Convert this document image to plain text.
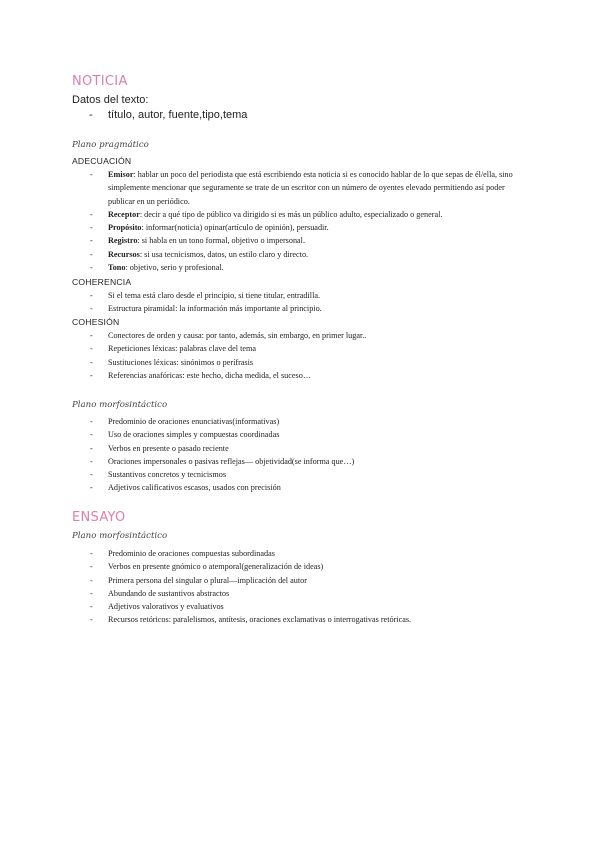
NOTICIA
Datos del texto:
- título, autor, fuente,tipo,tema
Plano pragmático
ADECUACIÓN
- Emisor: hablar un poco del periodista que está escribiendo esta noticia si es conocido hablar de lo que sepas de él/ella, sino simplemente mencionar que seguramente se trate de un escritor con un número de oyentes elevado permitiendo así poder publicar en un periódico.
- Receptor: decir a qué tipo de público va dirigido si es más un público adulto, especializado o general.
- Propósito: informar(noticia) opinar(artículo de opinión), persuadir.
- Registro: si habla en un tono formal, objetivo o impersonal.
- Recursos: si usa tecnicismos, datos, un estilo claro y directo.
- Tono: objetivo, serio y profesional.
COHERENCIA
- Si el tema está claro desde el principio, si tiene titular, entradilla.
- Estructura piramidal: la información más importante al principio.
COHESIÓN
- Conectores de orden y causa: por tanto, además, sin embargo, en primer lugar..
- Repeticiones léxicas: palabras clave del tema
- Sustituciones léxicas: sinónimos o perífrasis
- Referencias anafóricas: este hecho, dicha medida, el suceso…
Plano morfosintáctico
- Predominio de oraciones enunciativas(informativas)
- Uso de oraciones simples y compuestas coordinadas
- Verbos en presente o pasado reciente
- Oraciones impersonales o pasivas reflejas— objetividad(se informa que…)
- Sustantivos concretos y tecnicismos
- Adjetivos calificativos escasos, usados con precisión
ENSAYO
Plano morfosintáctico
- Predominio de oraciones compuestas subordinadas
- Verbos en presente gnómico o atemporal(generalización de ideas)
- Primera persona del singular o plural—implicación del autor
- Abundando de sustantivos abstractos
- Adjetivos valorativos y evaluativos
- Recursos retóricos: paralelismos, antítesis, oraciones exclamativas o interrogativas retóricas.
